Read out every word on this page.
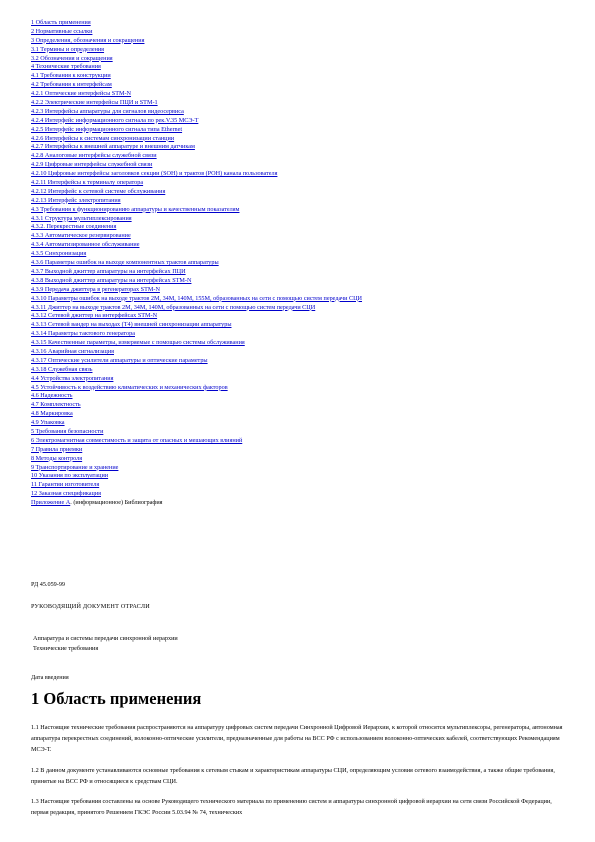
1 Область применения
2 Нормативные ссылки
3 Определения, обозначения и сокращения
3.1 Термины и определения
3.2 Обозначения и сокращения
4 Технические требования
4.1 Требования к конструкции
4.2 Требования к интерфейсам
4.2.1 Оптические интерфейсы STM-N
4.2.2 Электрические интерфейсы ПЦИ и STM-1
4.2.3 Интерфейсы аппаратуры для сигналов видеосервиса
4.2.4 Интерфейс информационного сигнала по рек.V.35 МСЭ-Т
4.2.5 Интерфейс информационного сигнала типа Ethernet
4.2.6 Интерфейсы к системам синхронизации станции
4.2.7 Интерфейсы к внешней аппаратуре и внешним датчикам
4.2.8 Аналоговые интерфейсы служебной связи
4.2.9 Цифровые интерфейсы служебной связи
4.2.10 Цифровые интерфейсы заголовков секции (SOH) и трактов (POH) канала пользователя
4.2.11 Интерфейсы к терминалу оператора
4.2.12 Интерфейс к сетевой системе обслуживания
4.2.13 Интерфейс электропитания
4.3 Требования к функционированию аппаратуры и качественным показателям
4.3.1 Структура мультиплексирования
4.3.2. Перекрестные соединения
4.3.3 Автоматическое резервирование
4.3.4 Автоматизированное обслуживание
4.3.5 Синхронизация
4.3.6 Параметры ошибок на выходе компонентных трактов аппаратуры
4.3.7 Выходной джиттер аппаратуры на интерфейсах ПЦИ
4.3.8 Выходной джиттер аппаратуры на интерфейсах STM-N
4.3.9 Передача джиттера в регенераторах STM-N
4.3.10 Параметры ошибок на выходе трактов 2М, 34М, 140М, 155М, образованных на сети с помощью систем передачи СЦИ
4.3.11 Джиттер на выходе трактов 2М, 34М, 140М, образованных на сети с помощью систем передачи СЦИ
4.3.12 Сетевой джиттер на интерфейсах STM-N
4.3.13 Сетевой вандер на выходах (T4) внешней синхронизации аппаратуры
4.3.14 Параметры тактового генератора
4.3.15 Качественные параметры, измеряемые с помощью системы обслуживания
4.3.16 Аварийная сигнализация
4.3.17 Оптические усилители аппаратуры и оптические параметры
4.3.18 Служебная связь
4.4 Устройства электропитания
4.5 Устойчивость к воздействию климатических и механических факторов
4.6 Надежность
4.7 Комплектность
4.8 Маркировка
4.9 Упаковка
5 Требования безопасности
6 Электромагнитная совместимость и защита от опасных и мешающих влияний
7 Правила приемки
8 Методы контроля
9 Транспортирование и хранение
10 Указания по эксплуатации
11 Гарантии изготовителя
12 Заказная спецификация
Приложение А. (информационное) Библиография
РД 45.059-99
РУКОВОДЯЩИЙ ДОКУМЕНТ ОТРАСЛИ
Аппаратура и системы передачи синхронной иерархии
Технические требования
Дата введения
1 Область применения

1.1 Настоящие технические требования распространяются на аппаратуру цифровых систем передачи Синхронной Цифровой Иерархии, к которой относятся мультиплексоры, регенераторы, автономная аппаратура перекрестных соединений, волоконно-оптические усилители, предназначенные для работы на ВСС РФ с использованием волоконно-оптических кабелей, соответствующих Рекомендациям МСЭ-Т.

1.2 В данном документе устанавливаются основные требования к сетевым стыкам и характеристикам аппаратуры СЦИ, определяющим условия сетевого взаимодействия, а также общие требования, принятые на ВСС РФ и относящиеся к средствам СЦИ.

1.3 Настоящие требования составлены на основе Руководящего технического материала по применению систем и аппаратуры синхронной цифровой иерархии на сети связи Российской Федерации, первая редакция, принятого Решением ГКЭС России 5.03.94 № 74, технических
